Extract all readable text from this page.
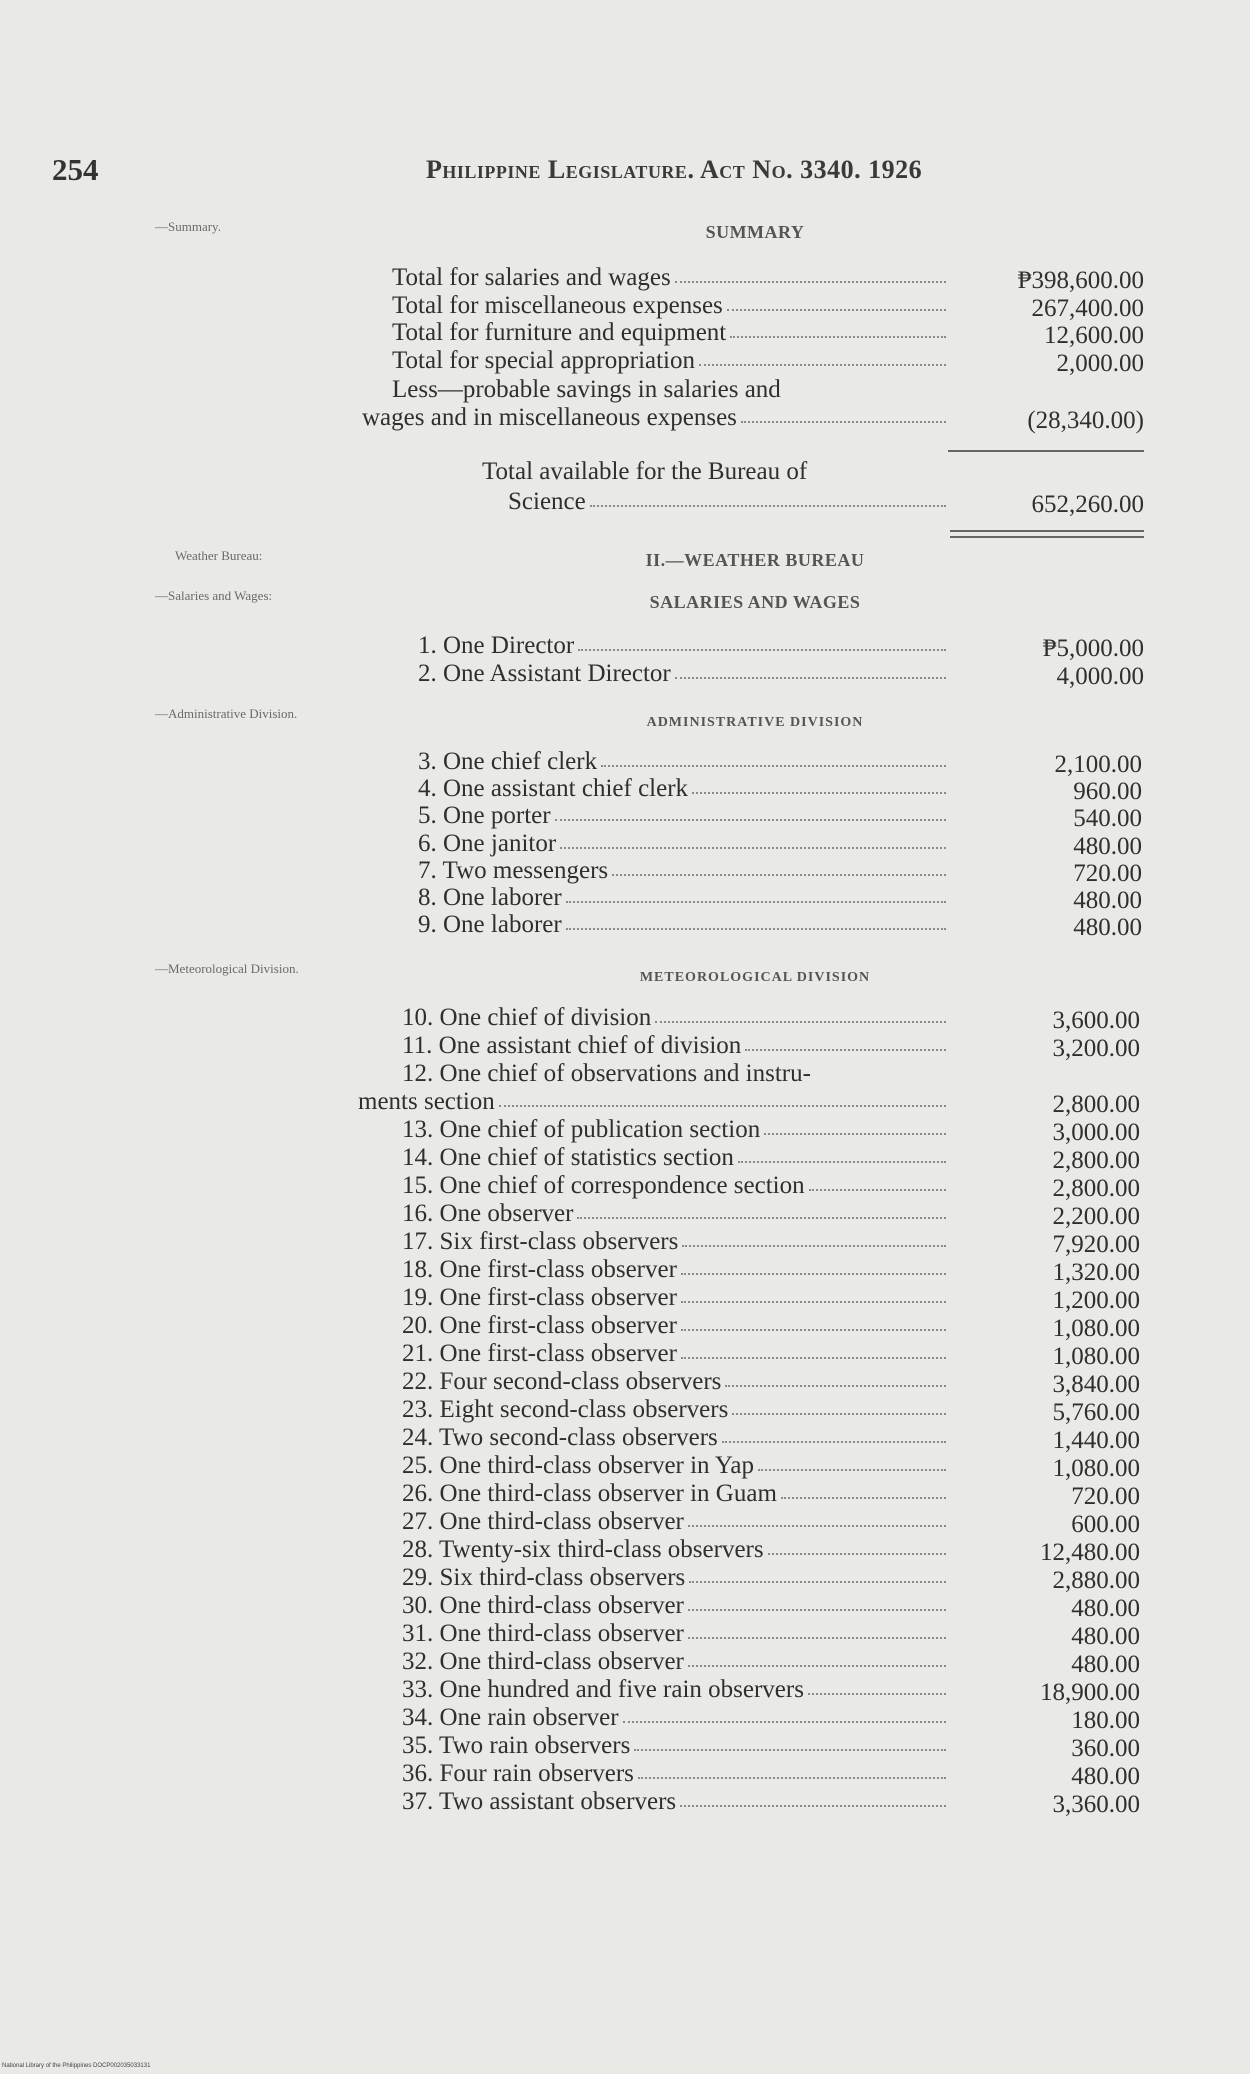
254	Philippine Legislature. Act No. 3340. 1926
—Summary.
Weather Bureau:
—Salaries and Wages:
—Administrative Division.
—Meteorological Division.
SUMMARY
Total for salaries and wages	₱398,600.00
Total for miscellaneous expenses	267,400.00
Total for furniture and equipment	12,600.00
Total for special appropriation	2,000.00
Less—probable savings in salaries and
wages and in miscellaneous expenses	(28,340.00)
Total available for the Bureau of
Science	652,260.00
II.—WEATHER BUREAU
SALARIES AND WAGES
1. One Director	₱5,000.00
2. One Assistant Director	4,000.00
ADMINISTRATIVE DIVISION
3. One chief clerk	2,100.00
4. One assistant chief clerk	960.00
5. One porter	540.00
6. One janitor	480.00
7. Two messengers	720.00
8. One laborer	480.00
9. One laborer	480.00
METEOROLOGICAL DIVISION
10. One chief of division	3,600.00
11. One assistant chief of division	3,200.00
12. One chief of observations and instru-
ments section	2,800.00
13. One chief of publication section	3,000.00
14. One chief of statistics section	2,800.00
15. One chief of correspondence section	2,800.00
16. One observer	2,200.00
17. Six first-class observers	7,920.00
18. One first-class observer	1,320.00
19. One first-class observer	1,200.00
20. One first-class observer	1,080.00
21. One first-class observer	1,080.00
22. Four second-class observers	3,840.00
23. Eight second-class observers	5,760.00
24. Two second-class observers	1,440.00
25. One third-class observer in Yap	1,080.00
26. One third-class observer in Guam	720.00
27. One third-class observer	600.00
28. Twenty-six third-class observers	12,480.00
29. Six third-class observers	2,880.00
30. One third-class observer	480.00
31. One third-class observer	480.00
32. One third-class observer	480.00
33. One hundred and five rain observers	18,900.00
34. One rain observer	180.00
35. Two rain observers	360.00
36. Four rain observers	480.00
37. Two assistant observers	3,360.00
National Library of the Philippines DOCP002035033131
